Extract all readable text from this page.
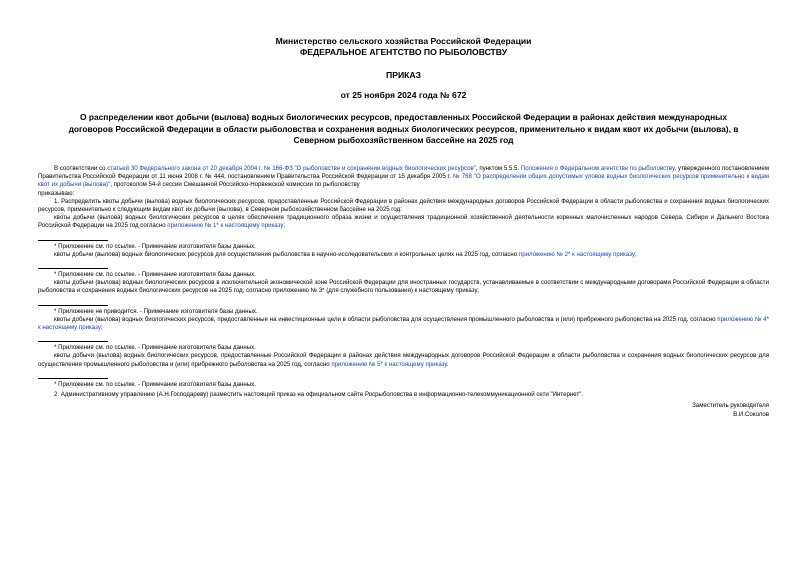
Министерство сельского хозяйства Российской Федерации
ФЕДЕРАЛЬНОЕ АГЕНТСТВО ПО РЫБОЛОВСТВУ
ПРИКАЗ
от 25 ноября 2024 года № 672
О распределении квот добычи (вылова) водных биологических ресурсов, предоставленных Российской Федерации в районах действия международных
договоров Российской Федерации в области рыболовства и сохранения водных биологических ресурсов, применительно к видам квот их добычи (вылова), в
Северном рыбохозяйственном бассейне на 2025 год

В соответствии со статьей 30 Федерального закона от 20 декабря 2004 г. № 166-ФЗ "О рыболовстве и сохранении водных биологических ресурсов", пунктом 5.5.5. Положения о Федеральном агентстве по рыболовству, утвержденного постановлением Правительства Российской Федерации от 11 июня 2008 г. № 444, постановлением Правительства Российской Федерации от 15 декабря 2005 г. № 768 "О распределении общих допустимых уловов водных биологических ресурсов применительно к видам квот их добычи (вылова)", протоколом 54-й сессии Смешанной Российско-Норвежской комиссии по рыболовству

приказываю:

1. Распределить квоты добычи (вылова) водных биологических ресурсов, предоставленные Российской Федерации в районах действия международных договоров Российской Федерации в области рыболовства и сохранения водных биологических ресурсов, применительно к следующим видам квот их добычи (вылова), в Северном рыбохозяйственном бассейне на 2025 год:

квоты добычи (вылова) водных биологических ресурсов в целях обеспечения традиционного образа жизни и осуществления традиционной хозяйственной деятельности коренных малочисленных народов Севера, Сибири и Дальнего Востока Российской Федерации на 2025 год согласно приложению № 1* к настоящему приказу;

* Приложение см. по ссылке. - Примечание изготовителя базы данных.

квоты добычи (вылова) водных биологических ресурсов для осуществления рыболовства в научно-исследовательских и контрольных целях на 2025 год, согласно приложению № 2* к настоящему приказу;

* Приложение см. по ссылке. - Примечание изготовителя базы данных.

квоты добычи (вылова) водных биологических ресурсов в исключительной экономической зоне Российской Федерации для иностранных государств, устанавливаемые в соответствии с международными договорами Российской Федерации в области рыболовства и сохранения водных биологических ресурсов на 2025 год, согласно приложению № 3* (для служебного пользования) к настоящему приказу;

* Приложение не приводится. - Примечание изготовителя базы данных.

квоты добычи (вылова) водных биологических ресурсов, предоставленные на инвестиционные цели в области рыболовства для осуществления промышленного рыболовства и (или) прибрежного рыболовства на 2025 год, согласно приложению № 4* к настоящему приказу;

* Приложение см. по ссылке. - Примечание изготовителя базы данных.

квоты добычи (вылова) водных биологических ресурсов, предоставленные Российской Федерации в районах действия международных договоров Российской Федерации в области рыболовства и сохранения водных биологических ресурсов для осуществления промышленного рыболовства и (или) прибрежного рыболовства на 2025 год, согласно приложению № 5* к настоящему приказу.

* Приложение см. по ссылке. - Примечание изготовителя базы данных.

2. Административному управлению (А.Н.Господареву) разместить настоящий приказ на официальном сайте Росрыболовства в информационно-телекоммуникационной сети "Интернет".

Заместитель руководителя
В.И.Соколов
